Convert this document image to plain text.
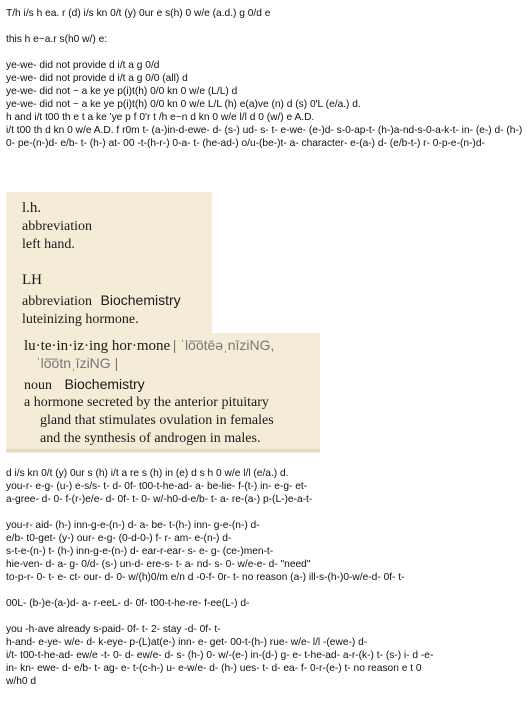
T/h i/s h ea. r (d) i/s kn 0/t (y) 0ur e s(h) 0 w/e (a.d.) g 0/d e
this h e~a.r s(h0 w/) e:
ye-we- did not provide d i/t a g 0/d
ye-we- did not provide d i/t a g 0/0 (all) d
ye-we- did not ~ a ke ye p(i)t(h) 0/0 kn 0 w/e (L/L) d
ye-we- did not ~ a ke ye p(i)t(h) 0/0 kn 0 w/e L/L (h) e(a)ve (n) d (s) 0'L (e/a.) d.
h and i/t t00 th e t a ke 'ye p f 0'r t /h e~n d kn 0 w/e l/l d 0 (w/) e A.D.
i/t t00 th d kn 0 w/e A.D. f r0m t- (a-)in-d-ewe- d- (s-) ud- s- t- e-we- (e-)d- s-0-ap-t- (h-)a-nd-s-0-a-k-t- in- (e-) d- (h-) 0- pe-(n-)d- e/b- t- (h-) at- 00 -t-(h-r-) 0-a- t- (he-ad-) o/u-(be-)t- a- character- e-(a-) d- (e/b-t-) r- 0-p-e-(n-)d-
l.h.
abbreviation
left hand.
LH
abbreviation Biochemistry
luteinizing hormone.
lu·te·in·iz·ing hor·mone | ˈlo͞otēəˌnīziNG,
ˈlo͞otnˌīziNG |
noun Biochemistry
a hormone secreted by the anterior pituitary
gland that stimulates ovulation in females
and the synthesis of androgen in males.
d i/s kn 0/t (y) 0ur s (h) i/t a re s (h) in (e) d s h 0 w/e l/l (e/a.) d.
you-r- e-g- (u-) e-s/s- t- d- 0f- t00-t-he-ad- a- be-lie- f-(t-) in- e-g- et-
a-gree- d- 0- f-(r-)e/e- d- 0f- t- 0- w/-h0-d-e/b- t- a- re-(a-) p-(L-)e-a-t-
you-r- aid- (h-) inn-g-e-(n-) d- a- be- t-(h-) inn- g-e-(n-) d-
e/b- t0-get- (y-) our- e-g- (0-d-0-) f- r- am- e-(n-) d-
s-t-e-(n-) t- (h-) inn-g-e-(n-) d- ear-r-ear- s- e- g- (ce-)men-t-
hie-ven- d- a- g- 0/d- (s-) un-d- ere-s- t- a- nd- s- 0- w/e-e- d- "need"
to-p-r- 0- t- e- ct- our- d- 0- w/(h)0/m e/n d -0-f- 0r- t- no reason (a-) ill-s-(h-)0-w/e-d- 0f- t-
00L- (b-)e-(a-)d- a- r-eeL- d- 0f- t00-t-he-re- f-ee(L-) d-
you -h-ave already s-paid- 0f- t- 2- stay -d- 0f- t-
h-and- e-ye- w/e- d- k-eye- p-(L)at(e-) inn- e- get- 00-t-(h-) rue- w/e- l/l -(ewe-) d-
i/t- t00-t-he-ad- ew/e -t- 0- d- ew/e- d- s- (h-) 0- w/-(e-) in-(d-) g- e- t-he-ad- a-r-(k-) t- (s-) i- d -e-
in- kn- ewe- d- e/b- t- ag- e- t-(c-h-) u- e-w/e- d- (h-) ues- t- d- ea- f- 0-r-(e-) t- no reason e t 0
w/h0 d
